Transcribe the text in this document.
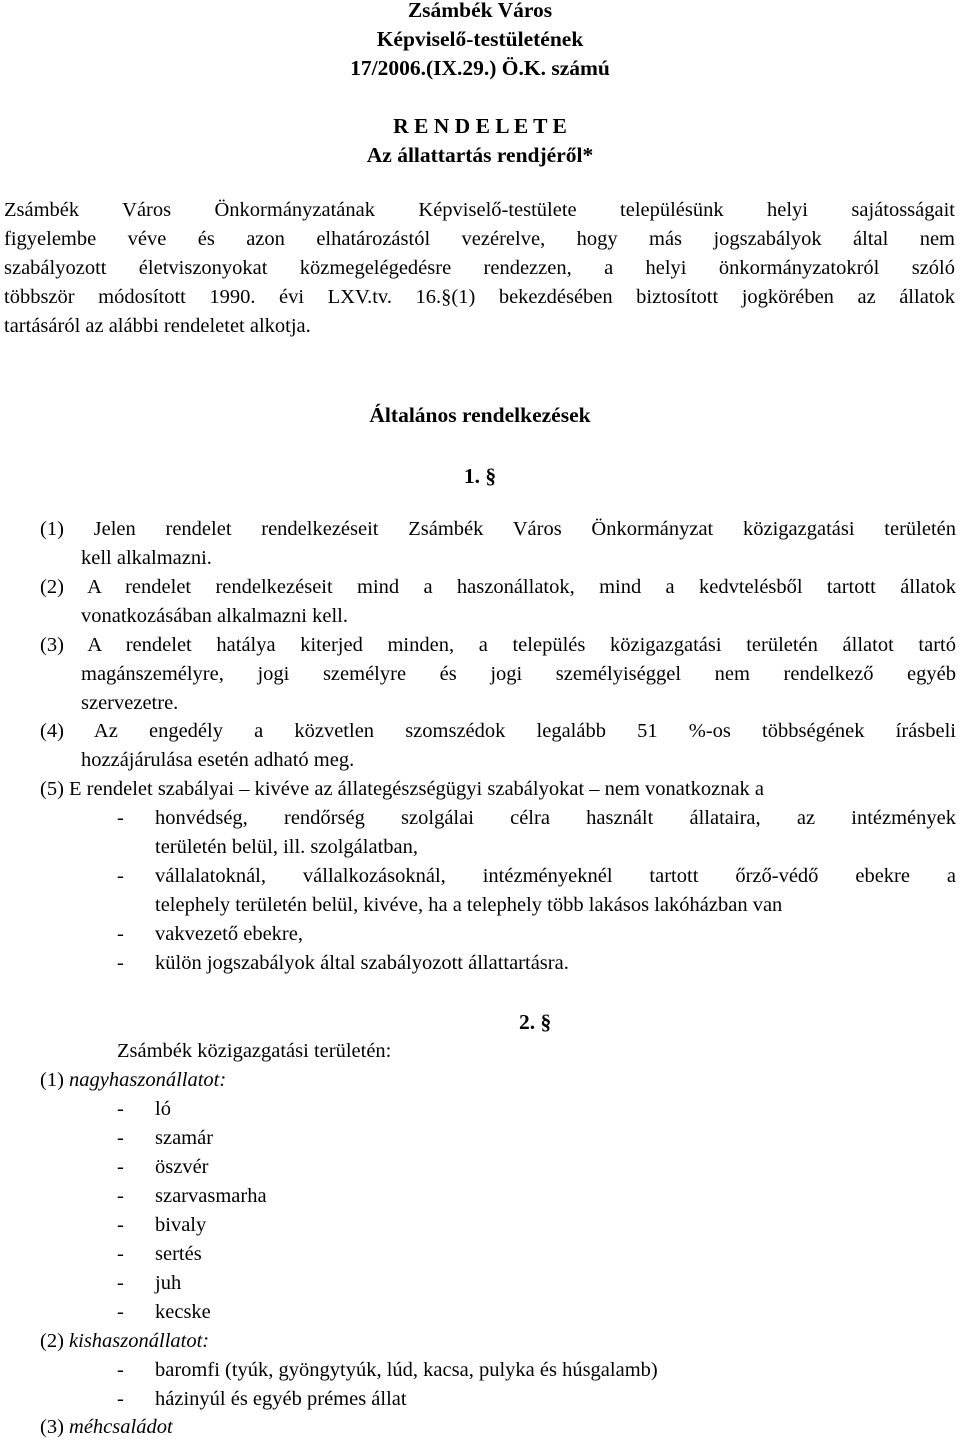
Zsámbék Város
Képviselő-testületének
17/2006.(IX.29.) Ö.K. számú
R E N D E L E T E
Az állattartás rendjéről*
Zsámbék Város Önkormányzatának Képviselő-testülete településünk helyi sajátosságait
figyelembe véve és azon elhatározástól vezérelve, hogy más jogszabályok által nem
szabályozott életviszonyokat közmegelégedésre rendezzen, a helyi önkormányzatokról szóló
többször módosított 1990. évi LXV.tv. 16.§(1) bekezdésében biztosított jogkörében az állatok
tartásáról az alábbi rendeletet alkotja.
Általános rendelkezések
1. §

(1) Jelen rendelet rendelkezéseit Zsámbék Város Önkormányzat közigazgatási területén

kell alkalmazni.

(2) A rendelet rendelkezéseit mind a haszonállatok, mind a kedvtelésből tartott állatok

vonatkozásában alkalmazni kell.

(3) A rendelet hatálya kiterjed minden, a település közigazgatási területén állatot tartó

magánszemélyre, jogi személyre és jogi személyiséggel nem rendelkező egyéb

szervezetre.

(4) Az engedély a közvetlen szomszédok legalább 51 %-os többségének írásbeli

hozzájárulása esetén adható meg.

(5) E rendelet szabályai – kivéve az állategészségügyi szabályokat – nem vonatkoznak a

- honvédség, rendőrség szolgálai célra használt állataira, az intézmények
területén belül, ill. szolgálatban,
- vállalatoknál, vállalkozásoknál, intézményeknél tartott őrző-védő ebekre a
telephely területén belül, kivéve, ha a telephely több lakásos lakóházban van
- vakvezető ebekre,
- külön jogszabályok által szabályozott állattartásra.
2. §
Zsámbék közigazgatási területén:
(1) nagyhaszonállatot:
- ló
- szamár
- öszvér
- szarvasmarha
- bivaly
- sertés
- juh
- kecske
(2) kishaszonállatot:
- baromfi (tyúk, gyöngytyúk, lúd, kacsa, pulyka és húsgalamb)
- házinyúl és egyéb prémes állat
(3) méhcsaládot
